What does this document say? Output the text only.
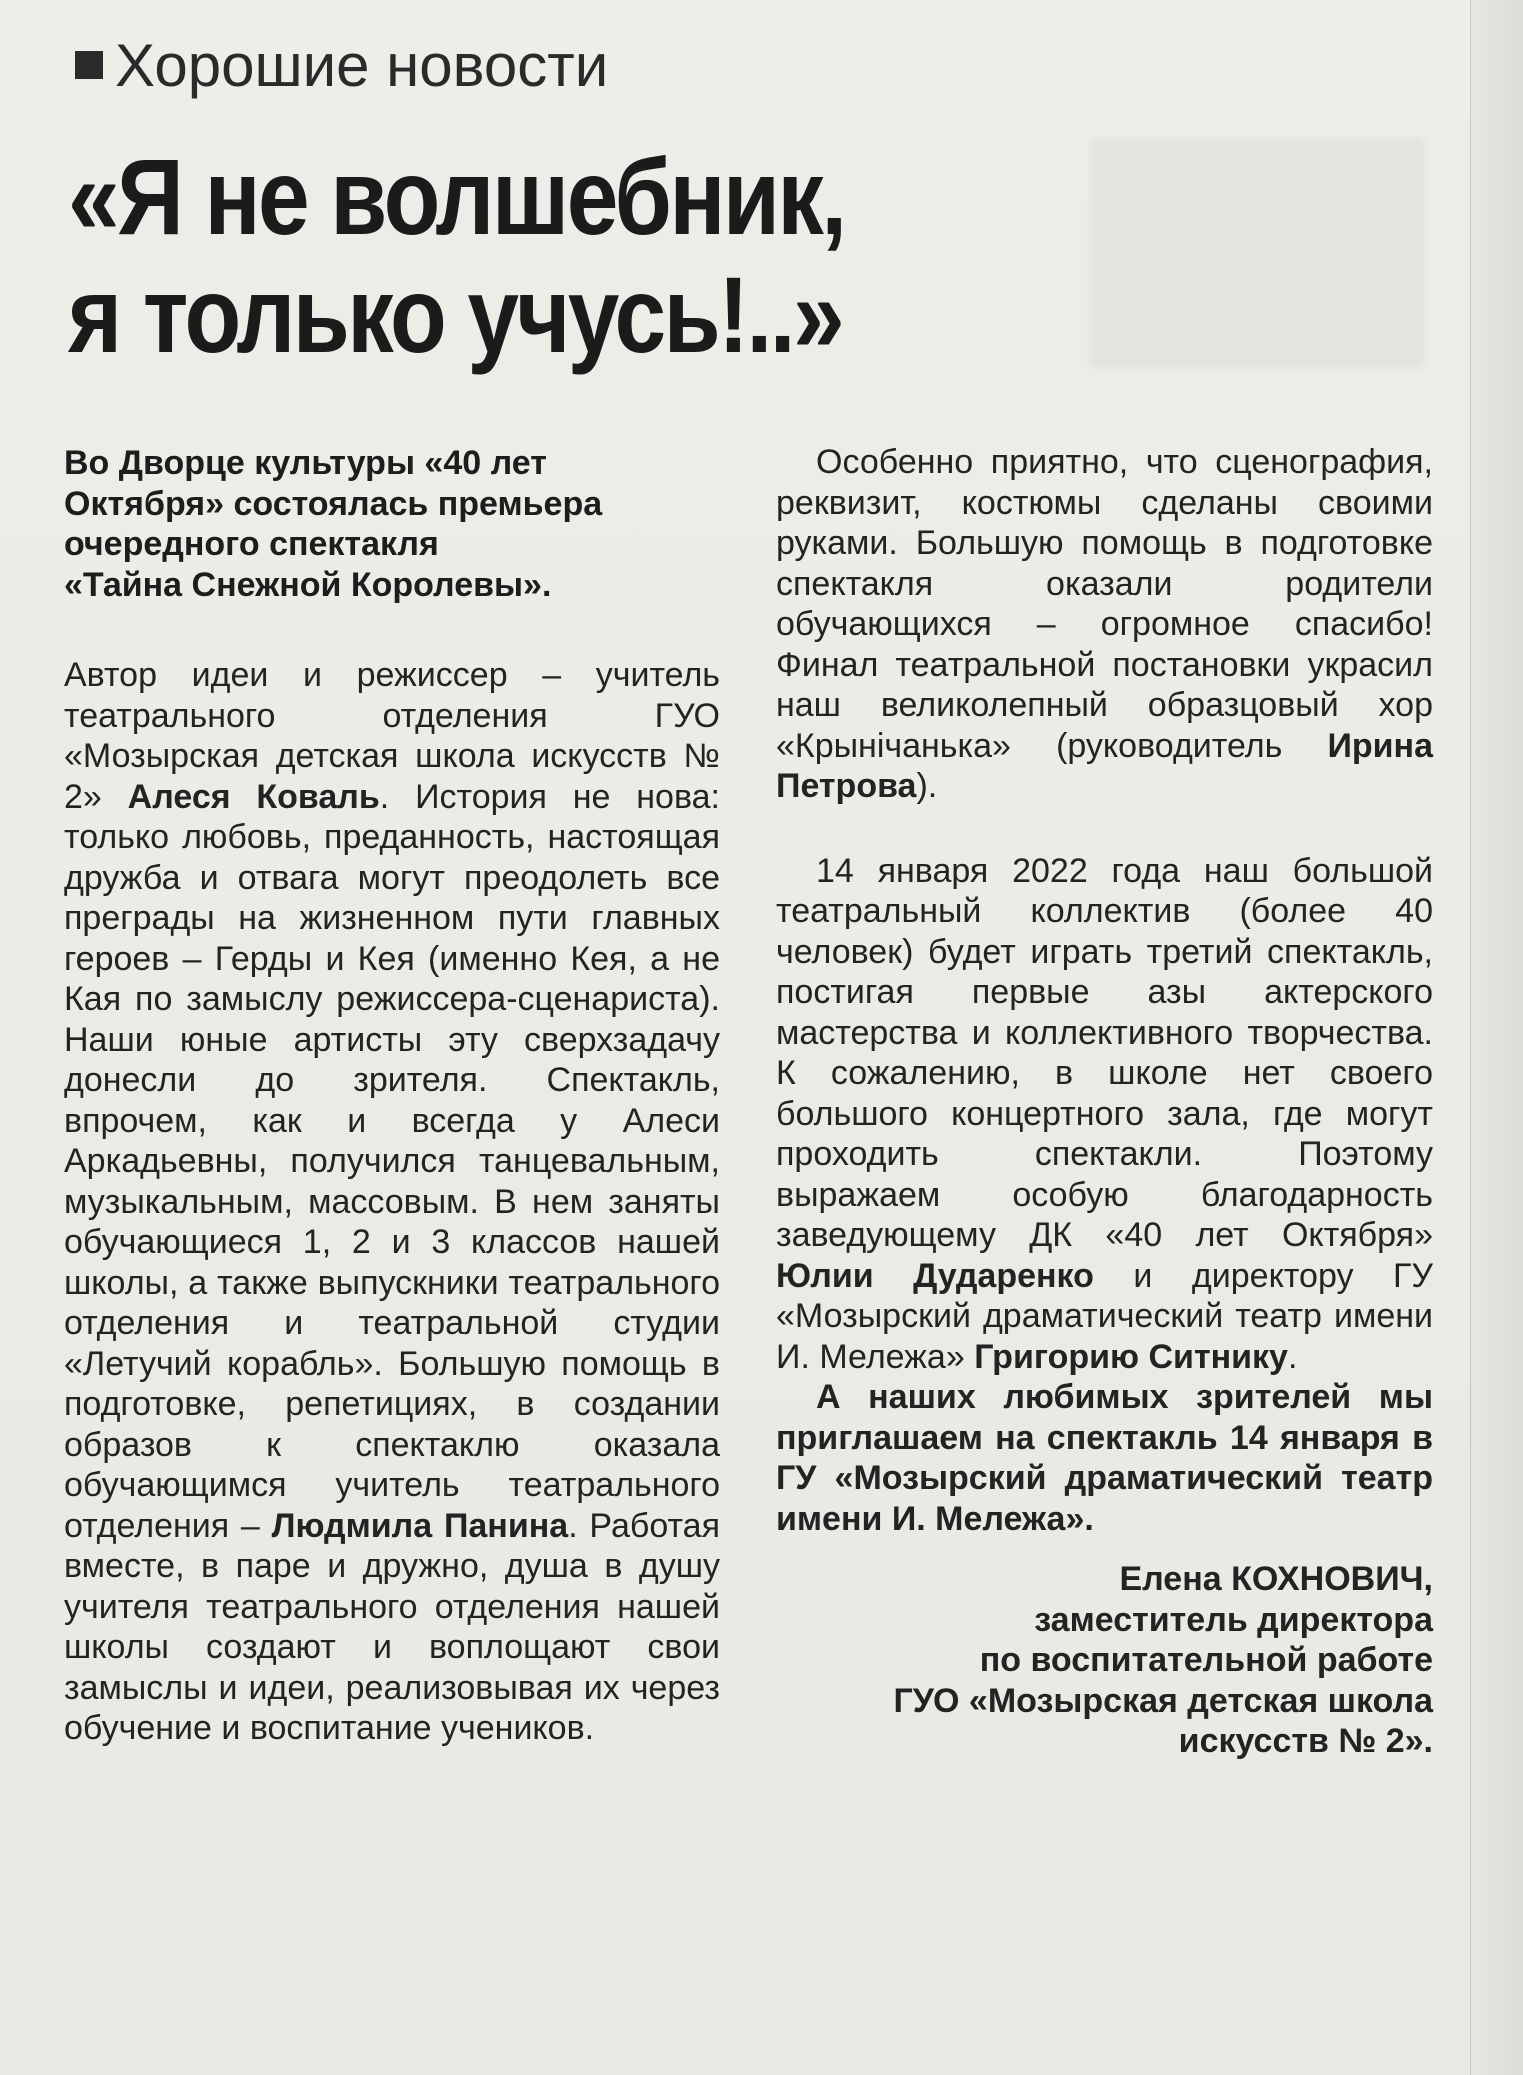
Хорошие новости
«Я не волшебник,
я только учусь!..»
Во Дворце культуры «40 лет
Октября» состоялась премьера
очередного спектакля
«Тайна Снежной Королевы».

Автор идеи и режиссер – учитель театрального отделения ГУО «Мозырская детская школа искусств № 2» Алеся Коваль. История не нова: только любовь, преданность, настоящая дружба и отвага могут преодолеть все преграды на жизненном пути главных героев – Герды и Кея (именно Кея, а не Кая по замыслу режиссера-сценариста). Наши юные артисты эту сверхзадачу донесли до зрителя. Спектакль, впрочем, как и всегда у Алеси Аркадьевны, получился танцевальным, музыкальным, массовым. В нем заняты обучающиеся 1, 2 и 3 классов нашей школы, а также выпускники театрального отделения и театральной студии «Летучий корабль». Большую помощь в подготовке, репетициях, в создании образов к спектаклю оказала обучающимся учитель театрального отделения – Людмила Панина. Работая вместе, в паре и дружно, душа в душу учителя театрального отделения нашей школы создают и воплощают свои замыслы и идеи, реализовывая их через обучение и воспитание учеников.

Особенно приятно, что сценография, реквизит, костюмы сделаны своими руками. Большую помощь в подготовке спектакля оказали родители обучающихся – огромное спасибо! Финал театральной постановки украсил наш великолепный образцовый хор «Крынічанька» (руководитель Ирина Петрова).

14 января 2022 года наш большой театральный коллектив (более 40 человек) будет играть третий спектакль, постигая первые азы актерского мастерства и коллективного творчества. К сожалению, в школе нет своего большого концертного зала, где могут проходить спектакли. Поэтому выражаем особую благодарность заведующему ДК «40 лет Октября» Юлии Дударенко и директору ГУ «Мозырский драматический театр имени И. Мележа» Григорию Ситнику.

А наших любимых зрителей мы приглашаем на спектакль 14 января в ГУ «Мозырский драматический театр имени И. Мележа».

Елена КОХНОВИЧ,
заместитель директора
по воспитательной работе
ГУО «Мозырская детская школа
искусств № 2».
